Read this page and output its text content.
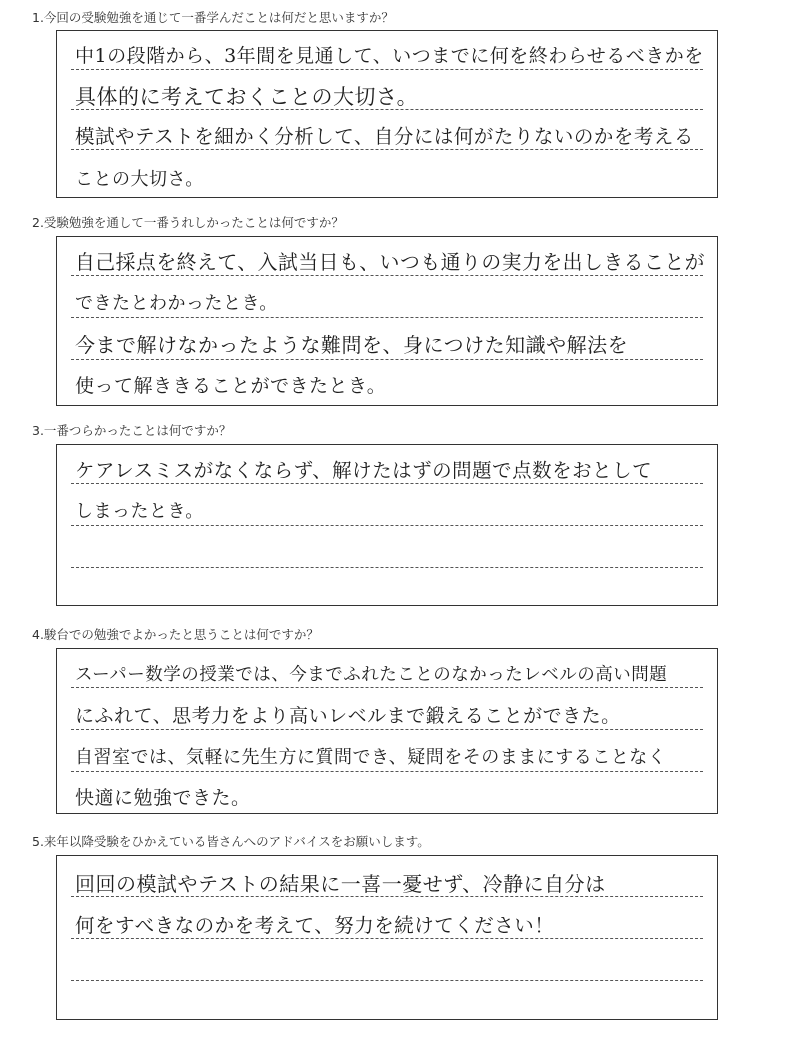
1.今回の受験勉強を通じて一番学んだことは何だと思いますか？
中1の段階から、3年間を見通して、いつまでに何を終わらせるべきかを
具体的に考えておくことの大切さ。
模試やテストを細かく分析して、自分には何がたりないのかを考える
ことの大切さ。
2.受験勉強を通して一番うれしかったことは何ですか？
自己採点を終えて、入試当日も、いつも通りの実力を出しきることが
できたとわかったとき。
今まで解けなかったような難問を、身につけた知識や解法を
使って解ききることができたとき。
3.一番つらかったことは何ですか？
ケアレスミスがなくならず、解けたはずの問題で点数をおとして
しまったとき。
4.駿台での勉強でよかったと思うことは何ですか？
スーパー数学の授業では、今までふれたことのなかったレベルの高い問題
にふれて、思考力をより高いレベルまで鍛えることができた。
自習室では、気軽に先生方に質問でき、疑問をそのままにすることなく
快適に勉強できた。
5.来年以降受験をひかえている皆さんへのアドバイスをお願いします。
回回の模試やテストの結果に一喜一憂せず、冷静に自分は
何をすべきなのかを考えて、努力を続けてください！
